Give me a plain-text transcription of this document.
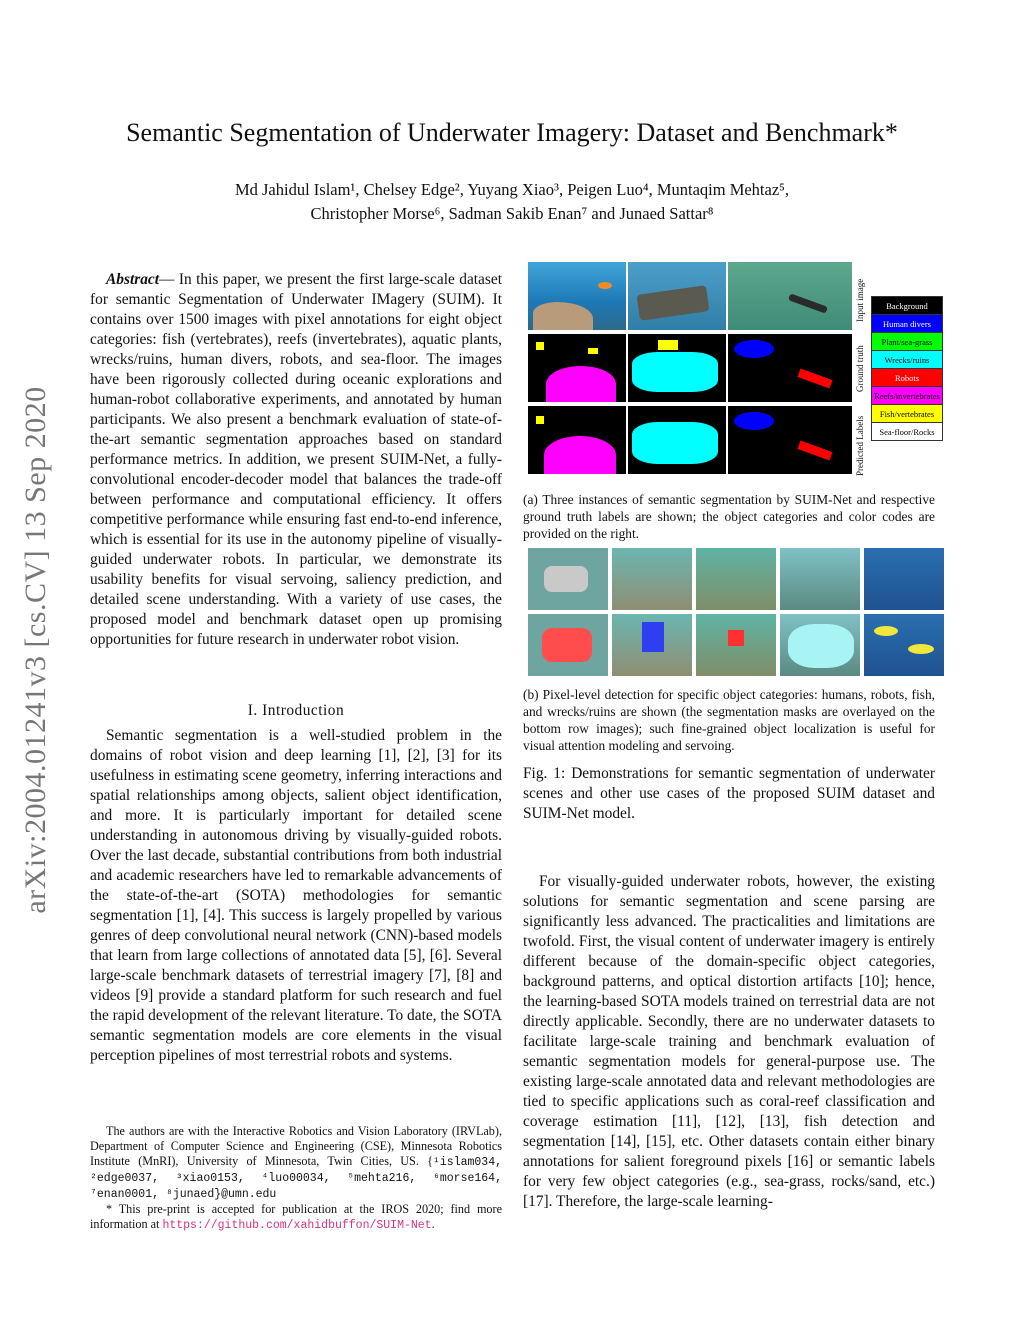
arXiv:2004.01241v3 [cs.CV] 13 Sep 2020
Semantic Segmentation of Underwater Imagery: Dataset and Benchmark*
Md Jahidul Islam¹, Chelsey Edge², Yuyang Xiao³, Peigen Luo⁴, Muntaqim Mehtaz⁵,
Christopher Morse⁶, Sadman Sakib Enan⁷ and Junaed Sattar⁸
Abstract— In this paper, we present the first large-scale dataset for semantic Segmentation of Underwater IMagery (SUIM). It contains over 1500 images with pixel annotations for eight object categories: fish (vertebrates), reefs (invertebrates), aquatic plants, wrecks/ruins, human divers, robots, and sea-floor. The images have been rigorously collected during oceanic explorations and human-robot collaborative experiments, and annotated by human participants. We also present a benchmark evaluation of state-of-the-art semantic segmentation approaches based on standard performance metrics. In addition, we present SUIM-Net, a fully-convolutional encoder-decoder model that balances the trade-off between performance and computational efficiency. It offers competitive performance while ensuring fast end-to-end inference, which is essential for its use in the autonomy pipeline of visually-guided underwater robots. In particular, we demonstrate its usability benefits for visual servoing, saliency prediction, and detailed scene understanding. With a variety of use cases, the proposed model and benchmark dataset open up promising opportunities for future research in underwater robot vision.
I. Introduction
Semantic segmentation is a well-studied problem in the domains of robot vision and deep learning [1], [2], [3] for its usefulness in estimating scene geometry, inferring interactions and spatial relationships among objects, salient object identification, and more. It is particularly important for detailed scene understanding in autonomous driving by visually-guided robots. Over the last decade, substantial contributions from both industrial and academic researchers have led to remarkable advancements of the state-of-the-art (SOTA) methodologies for semantic segmentation [1], [4]. This success is largely propelled by various genres of deep convolutional neural network (CNN)-based models that learn from large collections of annotated data [5], [6]. Several large-scale benchmark datasets of terrestrial imagery [7], [8] and videos [9] provide a standard platform for such research and fuel the rapid development of the relevant literature. To date, the SOTA semantic segmentation models are core elements in the visual perception pipelines of most terrestrial robots and systems.
The authors are with the Interactive Robotics and Vision Laboratory (IRVLab), Department of Computer Science and Engineering (CSE), Minnesota Robotics Institute (MnRI), University of Minnesota, Twin Cities, US. {¹islam034, ²edge0037, ³xiao0153, ⁴luo00034, ⁵mehta216, ⁶morse164, ⁷enan0001, ⁸junaed}@umn.edu
* This pre-print is accepted for publication at the IROS 2020; find more information at https://github.com/xahidbuffon/SUIM-Net.
Input image
Ground truth
Predicted Labels
Background
Human divers
Plant/sea-grass
Wrecks/ruins
Robots
Reefs/invertebrates
Fish/vertebrates
Sea-floor/Rocks
(a) Three instances of semantic segmentation by SUIM-Net and respective ground truth labels are shown; the object categories and color codes are provided on the right.
(b) Pixel-level detection for specific object categories: humans, robots, fish, and wrecks/ruins are shown (the segmentation masks are overlayed on the bottom row images); such fine-grained object localization is useful for visual attention modeling and servoing.
Fig. 1: Demonstrations for semantic segmentation of underwater scenes and other use cases of the proposed SUIM dataset and SUIM-Net model.
For visually-guided underwater robots, however, the existing solutions for semantic segmentation and scene parsing are significantly less advanced. The practicalities and limitations are twofold. First, the visual content of underwater imagery is entirely different because of the domain-specific object categories, background patterns, and optical distortion artifacts [10]; hence, the learning-based SOTA models trained on terrestrial data are not directly applicable. Secondly, there are no underwater datasets to facilitate large-scale training and benchmark evaluation of semantic segmentation models for general-purpose use. The existing large-scale annotated data and relevant methodologies are tied to specific applications such as coral-reef classification and coverage estimation [11], [12], [13], fish detection and segmentation [14], [15], etc. Other datasets contain either binary annotations for salient foreground pixels [16] or semantic labels for very few object categories (e.g., sea-grass, rocks/sand, etc.) [17]. Therefore, the large-scale learning-
